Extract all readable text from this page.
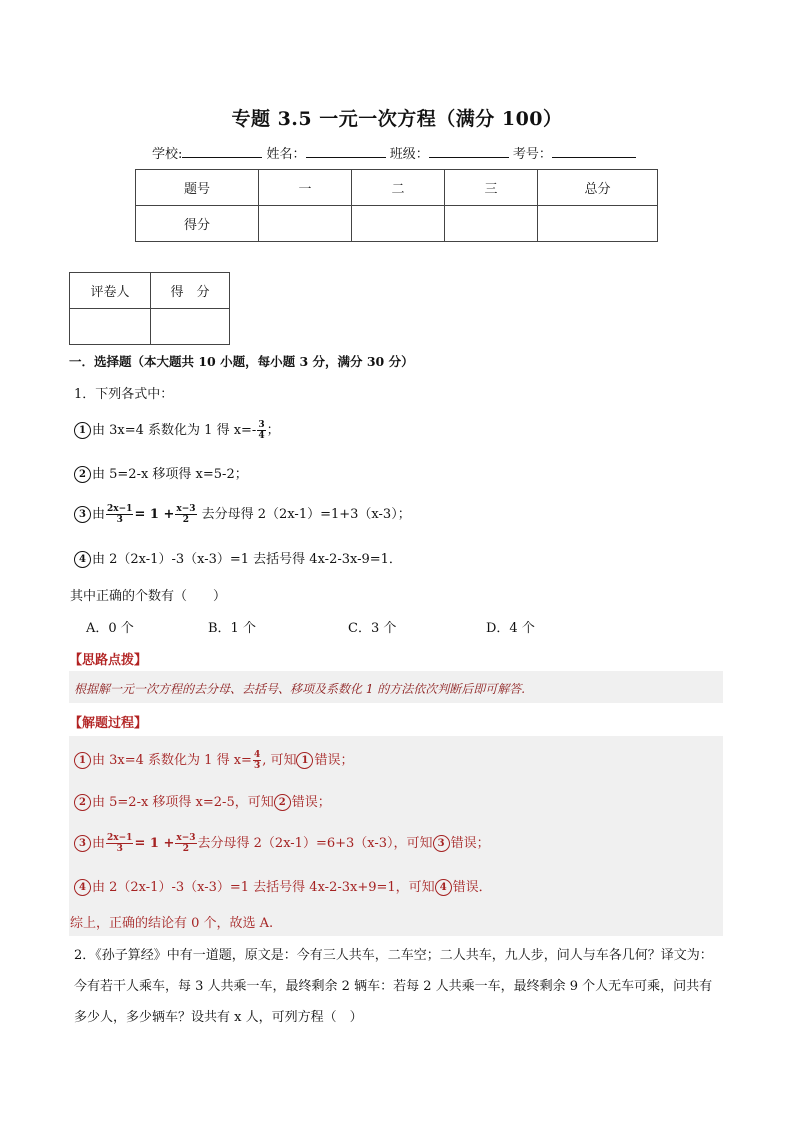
专题 3.5 一元一次方程（满分 100）
学校:	姓名：	班级：	考号：
题号	一	二	三	总分
得分				
评卷人	得　分

一．选择题（本大题共 10 小题，每小题 3 分，满分 30 分）
1．下列各式中：
1 由 3x=4 系数化为 1 得 $x=- \frac{3}{4}$ ；
2 由 5=2-x 移项得 x=5-2；
3 由 $\frac{2x-1}{3} = 1 + \frac{x-3}{2}$ 去分母得 2（2x-1）=1+3（x-3）；
4 由 2（2x-1）-3（x-3）=1 去括号得 4x-2-3x-9=1．
其中正确的个数有（　　）
A．0 个	B．1 个	C．3 个	D．4 个
【思路点拨】
根据解一元一次方程的去分母、去括号、移项及系数化 1 的方法依次判断后即可解答.
【解题过程】
1 由 3x=4 系数化为 1 得 $x= \frac{4}{3}$ , 可知 1 错误；
2 由 5=2-x 移项得 x=2-5，可知 2 错误；
3 由 $\frac{2x-1}{3} = 1 + \frac{x-3}{2}$ 去分母得 2（2x-1）=6+3（x-3），可知 3 错误；
4 由 2（2x-1）-3（x-3）=1 去括号得 4x-2-3x+9=1，可知 4 错误．
综上，正确的结论有 0 个，故选 A.
2．《孙子算经》中有一道题，原文是：今有三人共车，二车空；二人共车，九人步，问人与车各几何？译文为：今有若干人乘车，每 3 人共乘一车，最终剩余 2 辆车：若每 2 人共乘一车，最终剩余 9 个人无车可乘，问共有多少人，多少辆车？设共有 x 人，可列方程（　）
